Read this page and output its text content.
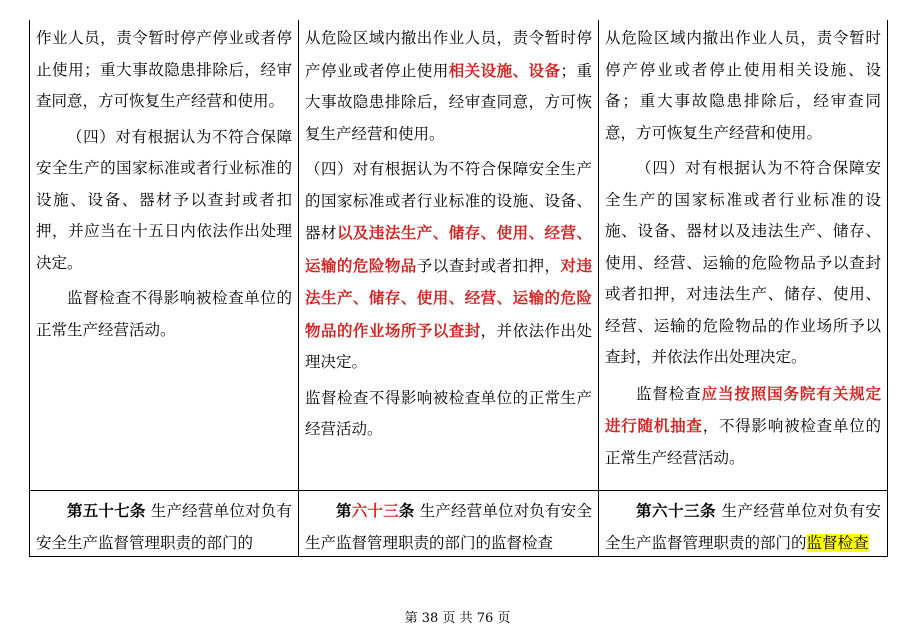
作业人员，责令暂时停产停业或者停止使用；重大事故隐患排除后，经审查同意，方可恢复生产经营和使用。

（四）对有根据认为不符合保障安全生产的国家标准或者行业标准的设施、设备、器材予以查封或者扣押，并应当在十五日内依法作出处理决定。

监督检查不得影响被检查单位的正常生产经营活动。

从危险区域内撤出作业人员，责令暂时停产停业或者停止使用相关设施、设备；重大事故隐患排除后，经审查同意，方可恢复生产经营和使用。

（四）对有根据认为不符合保障安全生产的国家标准或者行业标准的设施、设备、器材以及违法生产、储存、使用、经营、运输的危险物品予以查封或者扣押，对违法生产、储存、使用、经营、运输的危险物品的作业场所予以查封，并依法作出处理决定。

监督检查不得影响被检查单位的正常生产经营活动。

从危险区域内撤出作业人员，责令暂时停产停业或者停止使用相关设施、设备；重大事故隐患排除后，经审查同意，方可恢复生产经营和使用。

（四）对有根据认为不符合保障安全生产的国家标准或者行业标准的设施、设备、器材以及违法生产、储存、使用、经营、运输的危险物品予以查封或者扣押，对违法生产、储存、使用、经营、运输的危险物品的作业场所予以查封，并依法作出处理决定。

监督检查应当按照国务院有关规定进行随机抽查，不得影响被检查单位的正常生产经营活动。

第五十七条 生产经营单位对负有安全生产监督管理职责的部门的

第六十三条 生产经营单位对负有安全生产监督管理职责的部门的监督检查

第六十三条 生产经营单位对负有安全生产监督管理职责的部门的监督检查

第 38 页 共 76 页
